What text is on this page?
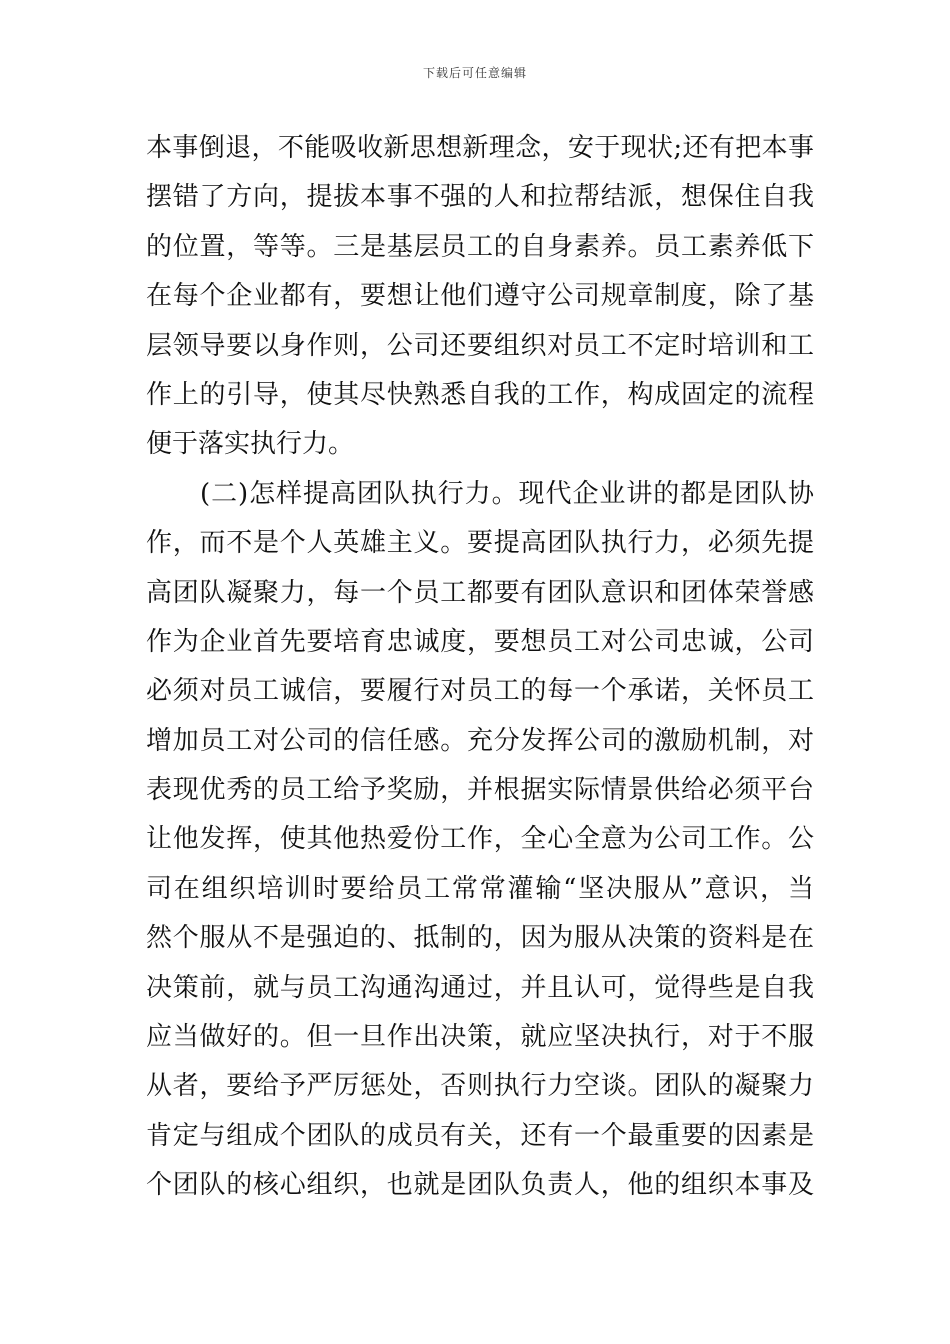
下载后可任意编辑
本事倒退，不能吸收新思想新理念，安于现状;还有把本事
摆错了方向，提拔本事不强的人和拉帮结派，想保住自我
的位置，等等。三是基层员工的自身素养。员工素养低下
在每个企业都有，要想让他们遵守公司规章制度，除了基
层领导要以身作则，公司还要组织对员工不定时培训和工
作上的引导，使其尽快熟悉自我的工作，构成固定的流程
便于落实执行力。
(二)怎样提高团队执行力。现代企业讲的都是团队协
作，而不是个人英雄主义。要提高团队执行力，必须先提
高团队凝聚力，每一个员工都要有团队意识和团体荣誉感
作为企业首先要培育忠诚度，要想员工对公司忠诚，公司
必须对员工诚信，要履行对员工的每一个承诺，关怀员工
增加员工对公司的信任感。充分发挥公司的激励机制，对
表现优秀的员工给予奖励，并根据实际情景供给必须平台
让他发挥，使其他热爱份工作，全心全意为公司工作。公
司在组织培训时要给员工常常灌输“坚决服从”意识，当
然个服从不是强迫的、抵制的，因为服从决策的资料是在
决策前，就与员工沟通沟通过，并且认可，觉得些是自我
应当做好的。但一旦作出决策，就应坚决执行，对于不服
从者，要给予严厉惩处，否则执行力空谈。团队的凝聚力
肯定与组成个团队的成员有关，还有一个最重要的因素是
个团队的核心组织，也就是团队负责人，他的组织本事及
